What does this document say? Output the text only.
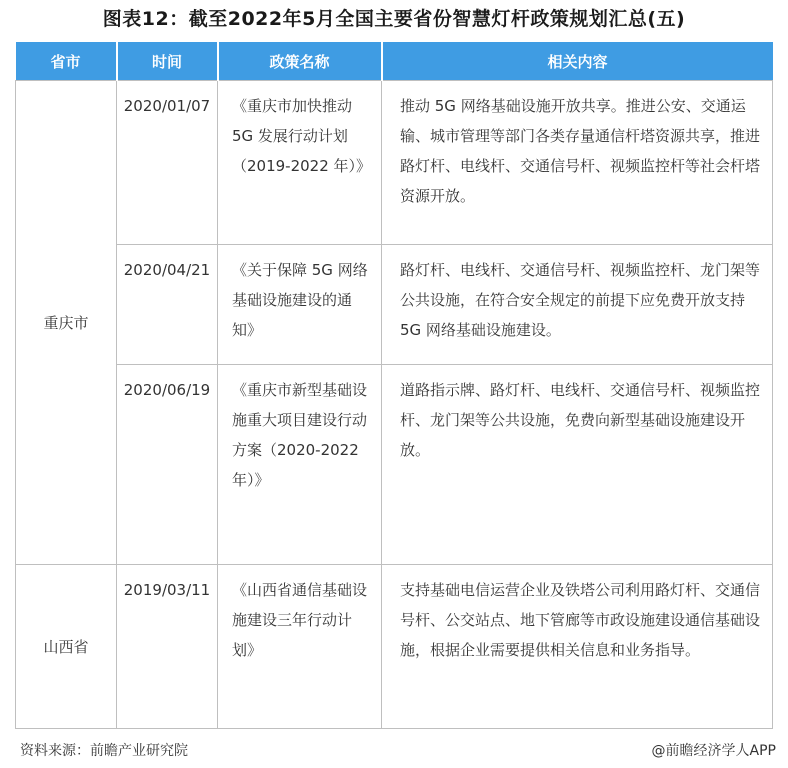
图表12：截至2022年5月全国主要省份智慧灯杆政策规划汇总(五)
省市	时间	政策名称	相关内容
重庆市	2020/01/07	《重庆市加快推动 5G 发展行动计划（2019-2022 年）》	推动 5G 网络基础设施开放共享。推进公安、交通运输、城市管理等部门各类存量通信杆塔资源共享，推进路灯杆、电线杆、交通信号杆、视频监控杆等社会杆塔资源开放。
	2020/04/21	《关于保障 5G 网络基础设施建设的通知》	路灯杆、电线杆、交通信号杆、视频监控杆、龙门架等公共设施，在符合安全规定的前提下应免费开放支持 5G 网络基础设施建设。
	2020/06/19	《重庆市新型基础设施重大项目建设行动方案（2020-2022 年）》	道路指示牌、路灯杆、电线杆、交通信号杆、视频监控杆、龙门架等公共设施，免费向新型基础设施建设开放。
山西省	2019/03/11	《山西省通信基础设施建设三年行动计划》	支持基础电信运营企业及铁塔公司利用路灯杆、交通信号杆、公交站点、地下管廊等市政设施建设通信基础设施，根据企业需要提供相关信息和业务指导。
资料来源：前瞻产业研究院	@前瞻经济学人APP
